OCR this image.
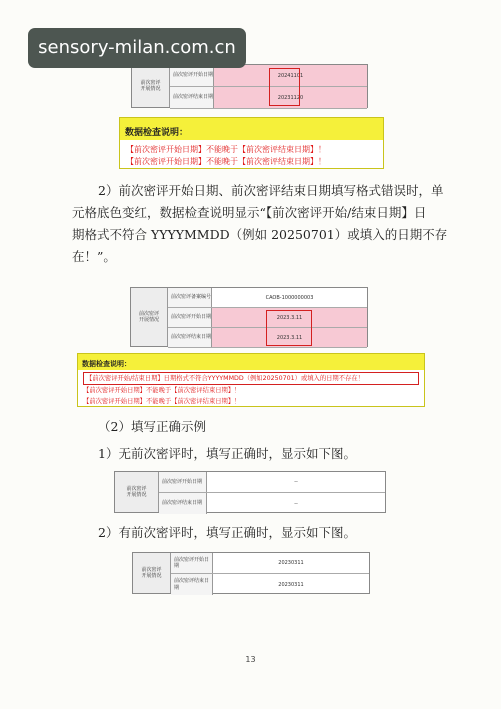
sensory-milan.com.cn
前次密评
开展情况
前次密评开始日期	20241101
前次密评结束日期	20231120
数据检查说明：
【前次密评开始日期】不能晚于【前次密评结束日期】！
【前次密评开始日期】不能晚于【前次密评结束日期】！
2）前次密评开始日期、前次密评结束日期填写格式错误时，单
元格底色变红，数据检查说明显示“【前次密评开始/结束日期】日
期格式不符合 YYYYMMDD（例如 20250701）或填入的日期不存
在！”。
前次密评
开展情况
前次密评备案编号	CAOB-1000000003
前次密评开始日期	2023.3.11
前次密评结束日期	2023.3.11
数据检查说明：
【前次密评开始/结束日期】日期格式不符合YYYYMMDD（例如20250701）或填入的日期不存在！
【前次密评开始日期】不能晚于【前次密评结束日期】！
【前次密评开始日期】不能晚于【前次密评结束日期】！
（2）填写正确示例
1）无前次密评时，填写正确时，显示如下图。
前次密评
开展情况
前次密评开始日期	--
前次密评结束日期	--
2）有前次密评时，填写正确时，显示如下图。
前次密评
开展情况
前次密评开始日期	20230311
前次密评结束日期	20230311
13
